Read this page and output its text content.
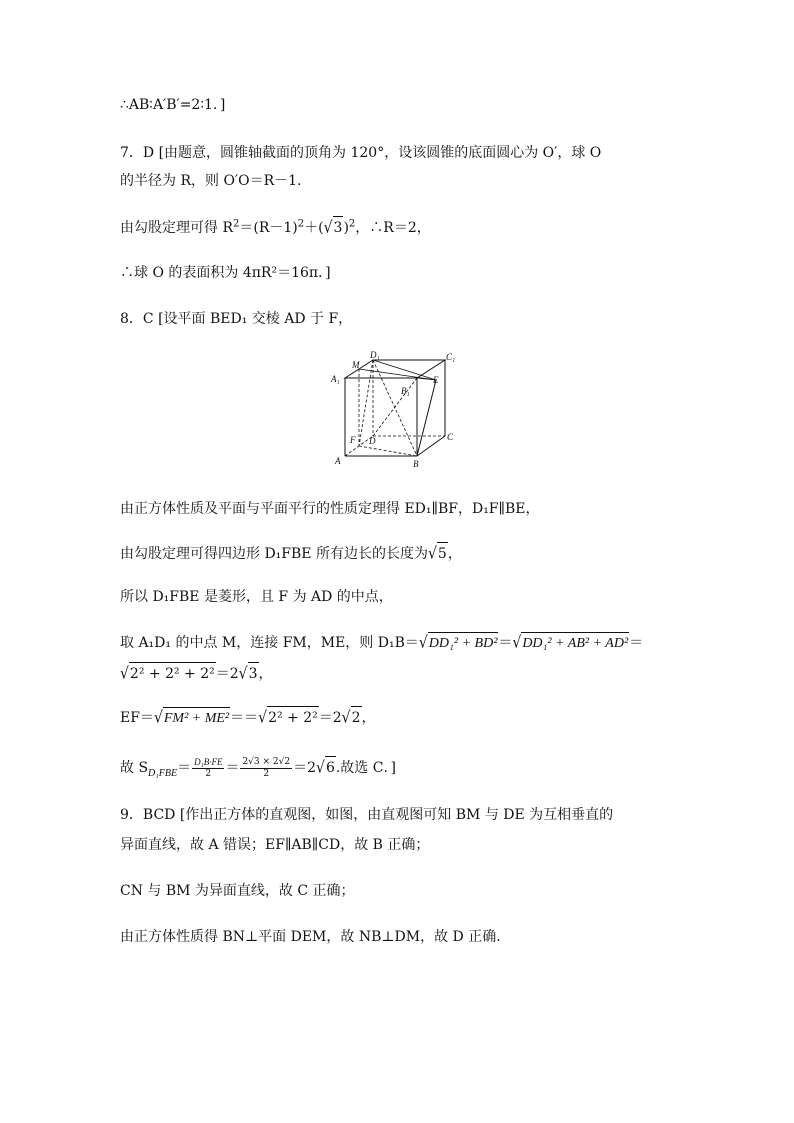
∴AB∶A′B′=2∶1．]
7．D [由题意，圆锥轴截面的顶角为 120°，设该圆锥的底面圆心为 O′，球 O
的半径为 R，则 O′O＝R－1.
由勾股定理可得 $R^2=(R-1)^2+(√3)^2$，∴R＝2，
∴球 O 的表面积为 4πR²＝16π．]
8．C [设平面 BED₁ 交棱 AD 于 F，
A₁
M
D₁	C₁
E
B₁
F D	C
A	B
由正方体性质及平面与平面平行的性质定理得 ED₁∥BF，D₁F∥BE，
由勾股定理可得四边形 D₁FBE 所有边长的长度为√5，
所以 D₁FBE 是菱形，且 F 为 AD 的中点，
取 A₁D₁ 的中点 M，连接 FM，ME，则 D₁B＝√DD₁² + BD²＝√DD₁² + AB² + AD²＝
√2² + 2² + 2²＝2√3，
EF＝√FM² + ME²＝＝√2² + 2²＝2√2，
故 $S_{D_1FBE}= \frac{\text{D₁B·FE}}{2} = \frac{2√3 \times 2√2}{2} =2√6$.故选 C．]
9．BCD [作出正方体的直观图，如图，由直观图可知 BM 与 DE 为互相垂直的
异面直线，故 A 错误；EF∥AB∥CD，故 B 正确；
CN 与 BM 为异面直线，故 C 正确；
由正方体性质得 BN⊥平面 DEM，故 NB⊥DM，故 D 正确.
